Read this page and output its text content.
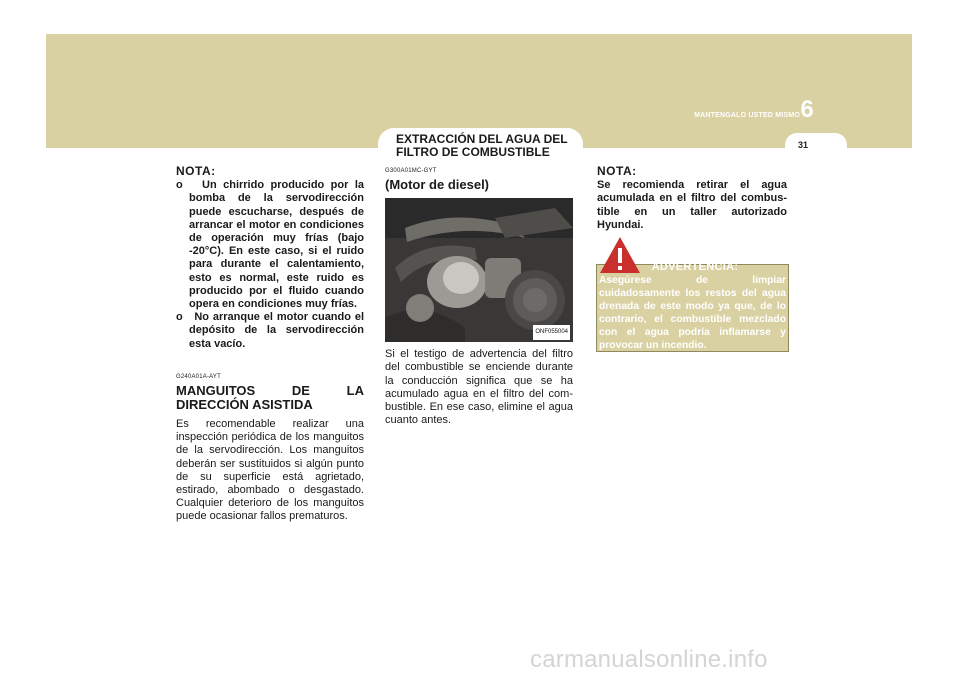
MANTENGALO USTED MISMO 6
31
EXTRACCIÓN DEL AGUA DEL FILTRO DE COMBUSTIBLE
NOTA:

o Un chirrido producido por la bomba de la servodirección puede escucharse, después de arrancar el motor en condiciones de operación muy frías (bajo -20°C). En este caso, si el ruido para durante el calentamiento, esto es normal, este ruido es producido por el fluido cuando opera en condiciones muy frías.

o No arranque el motor cuando el depósito de la servodirección esta vacío.

G240A01A-AYT
MANGUITOS DE LA
DIRECCIÓN ASISTIDA
Es recomendable realizar una inspección periódica de los manguitos de la servodirección. Los manguitos deberán ser sustituidos si algún punto de su superficie está agrietado, estirado, abombado o desgastado. Cualquier deterioro de los manguitos puede ocasionar fallos prematuros.
G300A01MC-GYT
(Motor de diesel)
ONF055004
Si el testigo de advertencia del filtro del combustible se enciende durante la conducción significa que se ha acumulado agua en el filtro del com-bustible. En ese caso, elimine el agua cuanto antes.
NOTA:
Se recomienda retirar el agua acumulada en el filtro del combus-tible en un taller autorizado Hyundai.
ADVERTENCIA:
Asegúrese de limpiar cuidadosamente los restos del agua drenada de este modo ya que, de lo contrario, el combustible mezclado con el agua podría inflamarse y provocar un incendio.
carmanualsonline.info
